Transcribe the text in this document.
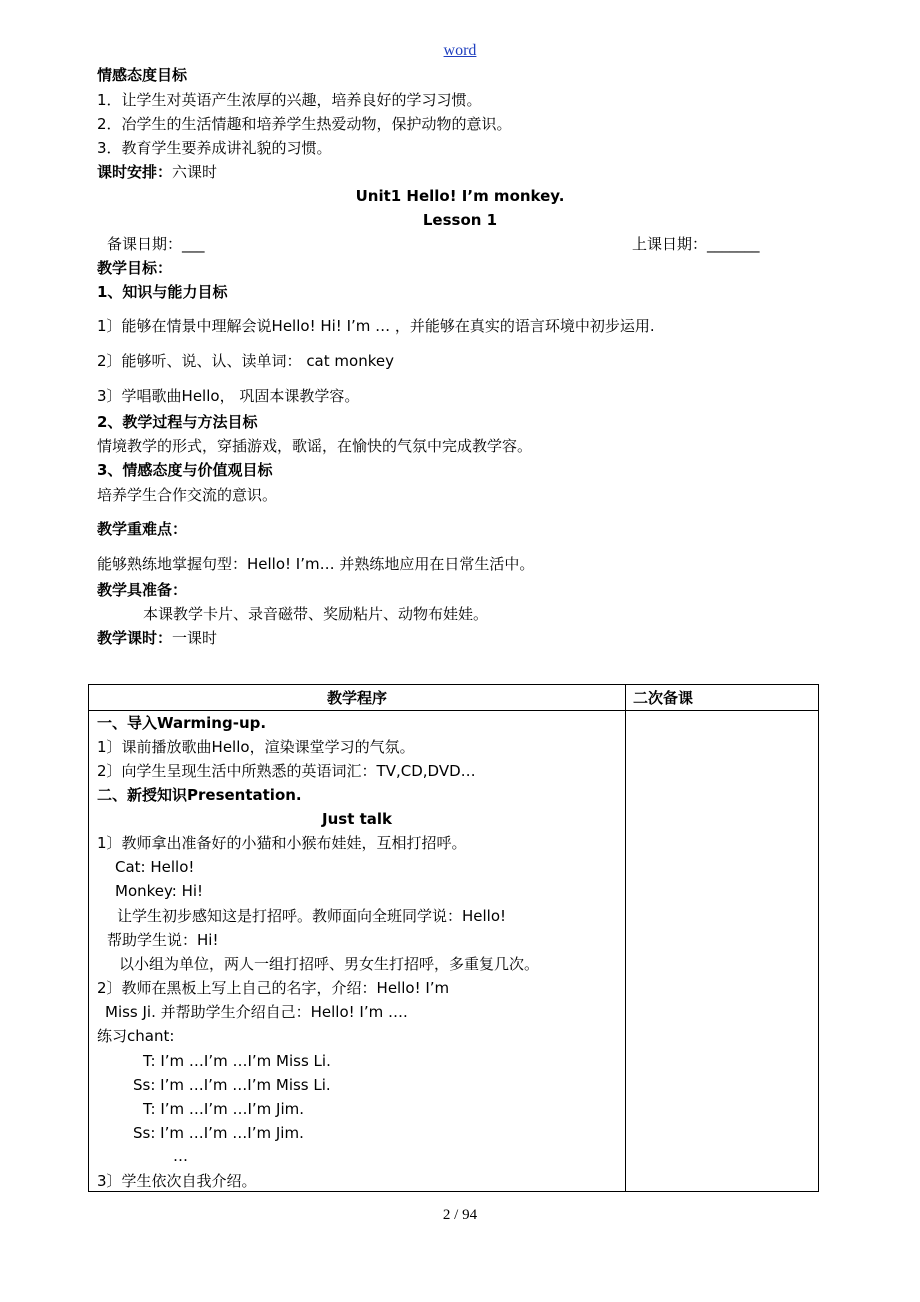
word
情感态度目标
1．让学生对英语产生浓厚的兴趣，培养良好的学习习惯。
2．冶学生的生活情趣和培养学生热爱动物，保护动物的意识。
3．教育学生要养成讲礼貌的习惯。
课时安排：六课时
Unit1 Hello! I’m monkey.
Lesson 1
备课日期：___	上课日期：_______
教学目标：
1、知识与能力目标
1〕能够在情景中理解会说Hello! Hi! I’m … ，并能够在真实的语言环境中初步运用.
2〕能够听、说、认、读单词： cat monkey
3〕学唱歌曲Hello， 巩固本课教学容。
2、教学过程与方法目标
情境教学的形式，穿插游戏，歌谣，在愉快的气氛中完成教学容。
3、情感态度与价值观目标
培养学生合作交流的意识。
教学重难点：
能够熟练地掌握句型：Hello! I’m… 并熟练地应用在日常生活中。
教学具准备：
本课教学卡片、录音磁带、奖励粘片、动物布娃娃。
教学课时：一课时
教学程序	二次备课
一、导入Warming-up.
1〕课前播放歌曲Hello，渲染课堂学习的气氛。
2〕向学生呈现生活中所熟悉的英语词汇：TV,CD,DVD…
二、新授知识Presentation.
Just talk
1〕教师拿出准备好的小猫和小猴布娃娃，互相打招呼。
Cat: Hello!
Monkey: Hi!
让学生初步感知这是打招呼。教师面向全班同学说：Hello!
帮助学生说：Hi!
以小组为单位，两人一组打招呼、男女生打招呼，多重复几次。
2〕教师在黑板上写上自己的名字，介绍：Hello! I’m
Miss Ji. 并帮助学生介绍自己：Hello! I’m ….
练习chant:
T: I’m …I’m …I’m Miss Li.
Ss: I’m …I’m …I’m Miss Li.
T: I’m …I’m …I’m Jim.
Ss: I’m …I’m …I’m Jim.
…
3〕学生依次自我介绍。
2 / 94
